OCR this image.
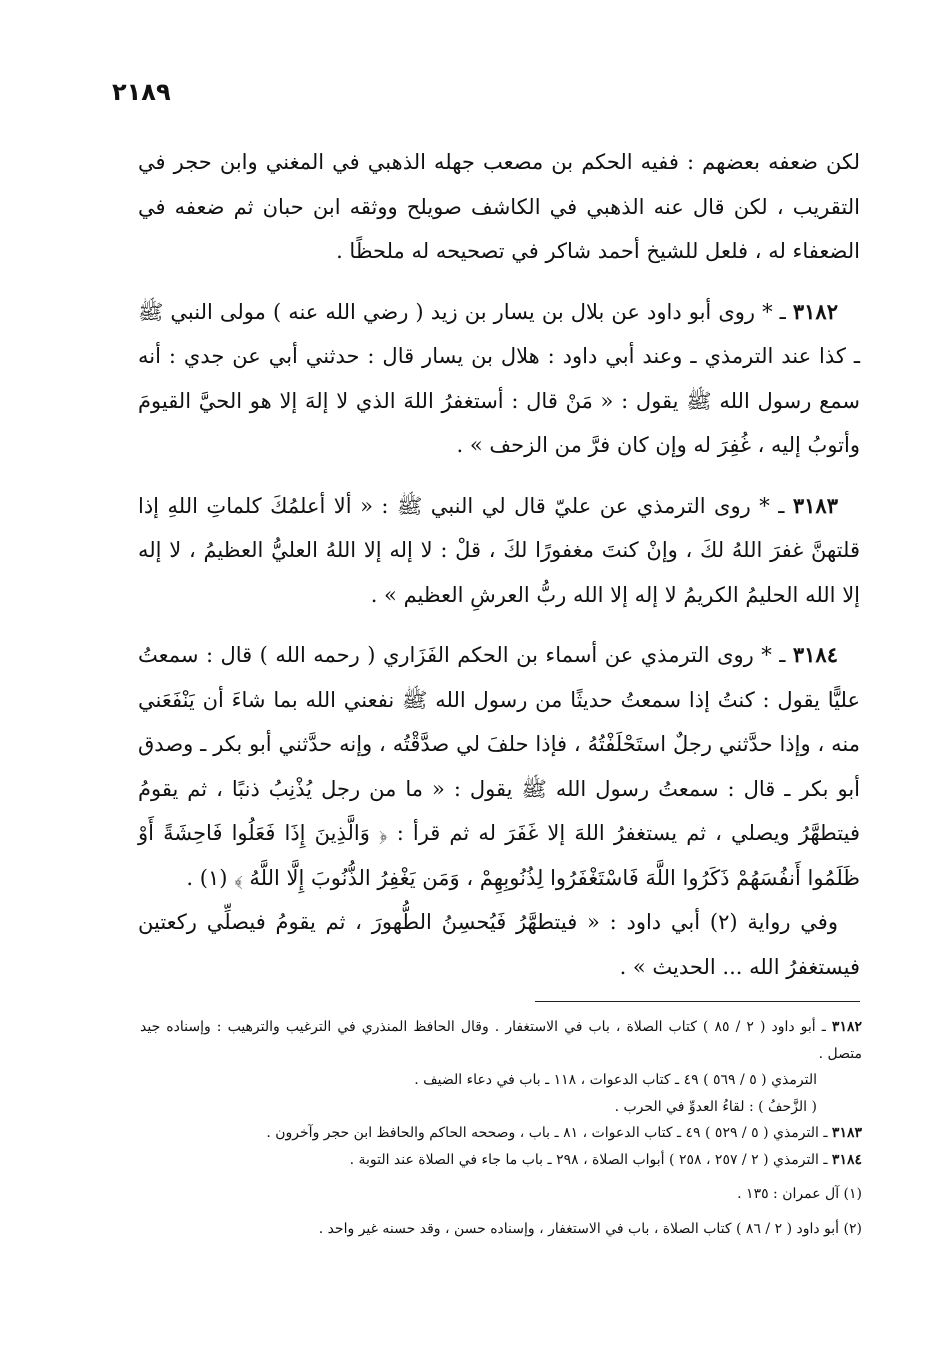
٢١٨٩

لكن ضعفه بعضهم : ففيه الحكم بن مصعب جهله الذهبي في المغني وابن حجر في التقريب ، لكن قال عنه الذهبي في الكاشف صويلح ووثقه ابن حبان ثم ضعفه في الضعفاء له ، فلعل للشيخ أحمد شاكر في تصحيحه له ملحظًا .

٣١٨٢ ـ * روى أبو داود عن بلال بن يسار بن زيد ( رضي الله عنه ) مولى النبي ﷺ ـ كذا عند الترمذي ـ وعند أبي داود : هلال بن يسار قال : حدثني أبي عن جدي : أنه سمع رسول الله ﷺ يقول : « مَنْ قال : أستغفرُ اللهَ الذي لا إلهَ إلا هو الحيَّ القيومَ وأتوبُ إليه ، غُفِرَ له وإن كان فرَّ من الزحف » .

٣١٨٣ ـ * روى الترمذي عن عليّ قال لي النبي ﷺ : « ألا أعلمُكَ كلماتِ اللهِ إذا قلتهنَّ غفرَ اللهُ لكَ ، وإنْ كنتَ مغفورًا لكَ ، قلْ : لا إله إلا اللهُ العليُّ العظيمُ ، لا إله إلا الله الحليمُ الكريمُ لا إله إلا الله ربُّ العرشِ العظيم » .

٣١٨٤ ـ * روى الترمذي عن أسماء بن الحكم الفَزَاري ( رحمه الله ) قال : سمعتُ عليًّا يقول : كنتُ إذا سمعتُ حديثًا من رسول الله ﷺ نفعني الله بما شاءَ أن يَنْفَعَني منه ، وإذا حدَّثني رجلٌ استَحْلَفْتُهُ ، فإذا حلفَ لي صدَّقْتُه ، وإنه حدَّثني أبو بكر ـ وصدق أبو بكر ـ قال : سمعتُ رسول الله ﷺ يقول : « ما من رجل يُذْنِبُ ذنبًا ، ثم يقومُ فيتطهَّرُ ويصلي ، ثم يستغفرُ اللهَ إلا غَفَرَ له ثم قرأ : ﴿ وَالَّذِينَ إِذَا فَعَلُوا فَاحِشَةً أَوْ ظَلَمُوا أَنفُسَهُمْ ذَكَرُوا اللَّهَ فَاسْتَغْفَرُوا لِذُنُوبِهِمْ ، وَمَن يَغْفِرُ الذُّنُوبَ إِلَّا اللَّهُ ﴾ (١) .

وفي رواية (٢) أبي داود : « فيتطهَّرُ فَيُحسِنُ الطُّهورَ ، ثم يقومُ فيصلِّي ركعتين فيستغفرُ الله ... الحديث » .

٣١٨٢ ـ أبو داود ( ٢ / ٨٥ ) كتاب الصلاة ، باب في الاستغفار . وقال الحافظ المنذري في الترغيب والترهيب : وإسناده جيد متصل .

الترمذي ( ٥ / ٥٦٩ ) ٤٩ ـ كتاب الدعوات ، ١١٨ ـ باب في دعاء الضيف .

( الزَّحفُ ) : لقاءُ العدوِّ في الحرب .

٣١٨٣ ـ الترمذي ( ٥ / ٥٢٩ ) ٤٩ ـ كتاب الدعوات ، ٨١ ـ باب ، وصححه الحاكم والحافظ ابن حجر وآخرون .

٣١٨٤ ـ الترمذي ( ٢ / ٢٥٧ ، ٢٥٨ ) أبواب الصلاة ، ٢٩٨ ـ باب ما جاء في الصلاة عند التوبة .

(١) آل عمران : ١٣٥ .

(٢) أبو داود ( ٢ / ٨٦ ) كتاب الصلاة ، باب في الاستغفار ، وإسناده حسن ، وقد حسنه غير واحد .
